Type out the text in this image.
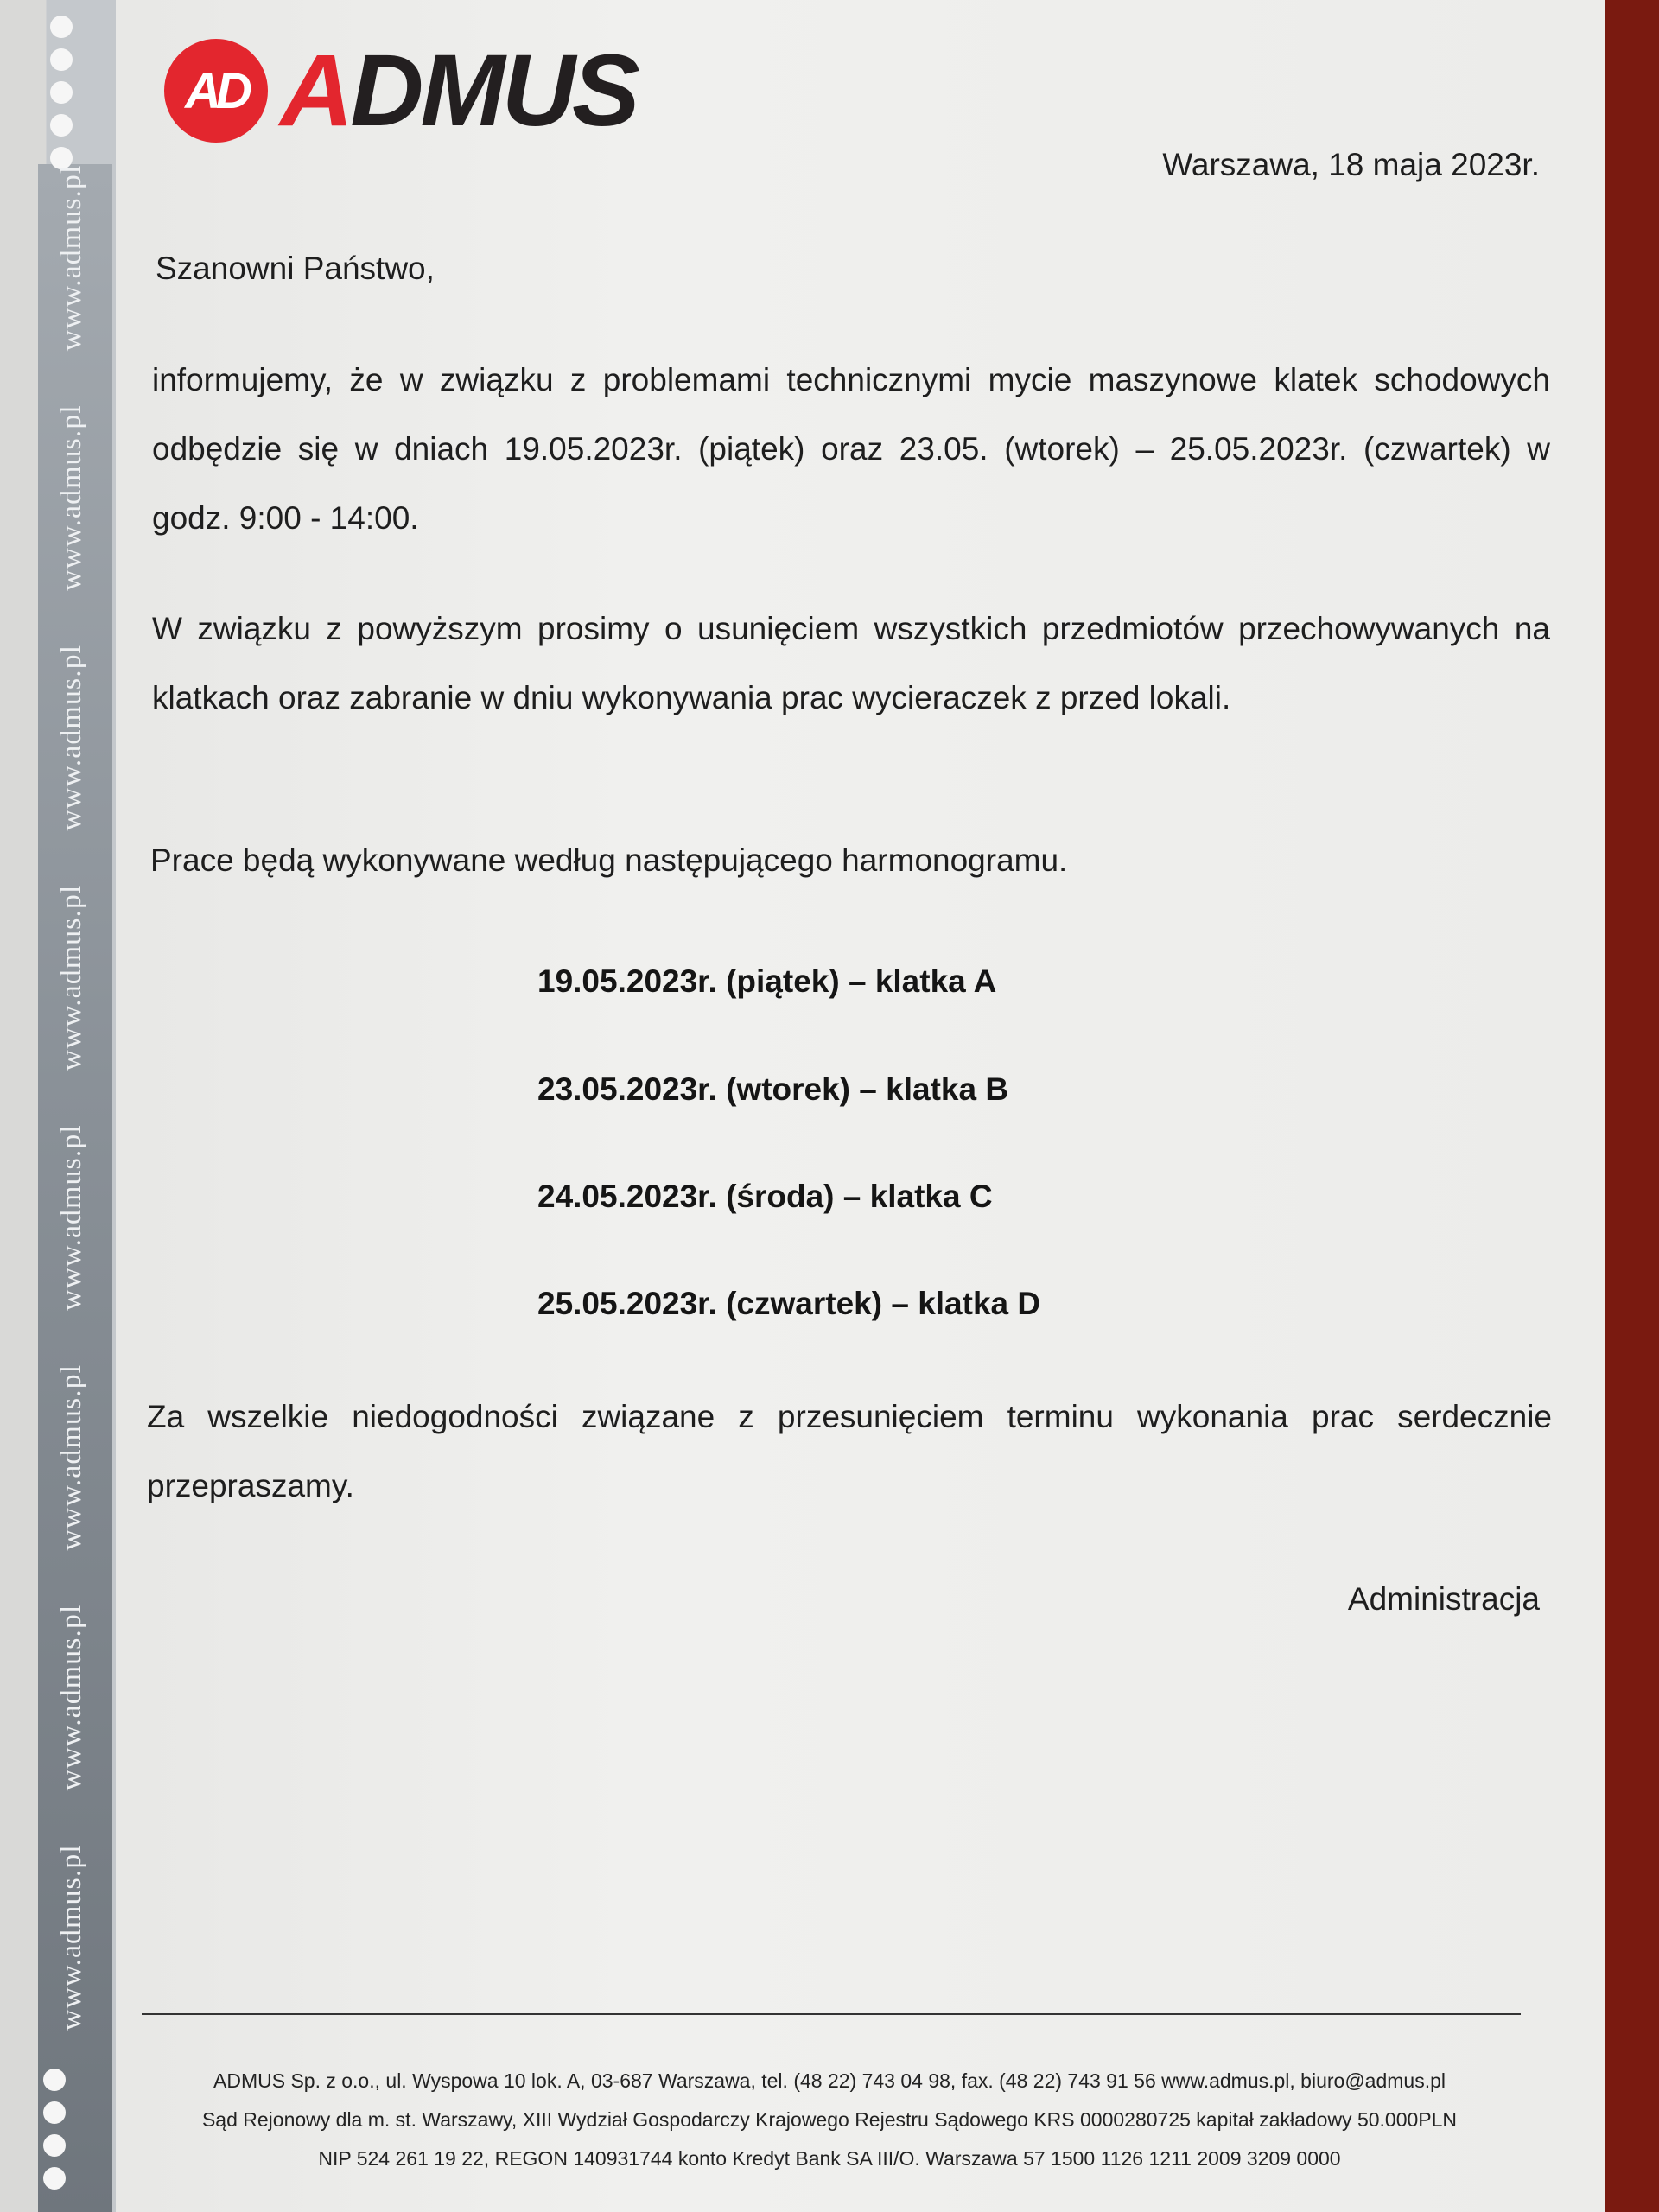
www.admus.plwww.admus.plwww.admus.plwww.admus.plwww.admus.plwww.admus.plwww.admus.plwww.admus.pl
AD ADMUS
Warszawa, 18 maja 2023r.
Szanowni Państwo,
informujemy, że w związku z problemami technicznymi mycie maszynowe klatek schodowych odbędzie się w dniach 19.05.2023r. (piątek) oraz 23.05. (wtorek) – 25.05.2023r. (czwartek) w godz. 9:00 - 14:00.
W związku z powyższym prosimy o usunięciem wszystkich przedmiotów przechowywanych na klatkach oraz zabranie w dniu wykonywania prac wycieraczek z przed lokali.
Prace będą wykonywane według następującego harmonogramu.
19.05.2023r. (piątek) – klatka A
23.05.2023r. (wtorek) – klatka B
24.05.2023r. (środa) – klatka C
25.05.2023r. (czwartek) – klatka D
Za wszelkie niedogodności związane z przesunięciem terminu wykonania prac serdecznie przepraszamy.
Administracja
ADMUS Sp. z o.o., ul. Wyspowa 10 lok. A, 03-687 Warszawa, tel. (48 22) 743 04 98, fax. (48 22) 743 91 56 www.admus.pl, biuro@admus.pl
Sąd Rejonowy dla m. st. Warszawy, XIII Wydział Gospodarczy Krajowego Rejestru Sądowego KRS 0000280725 kapitał zakładowy 50.000PLN
NIP 524 261 19 22, REGON 140931744 konto Kredyt Bank SA III/O. Warszawa 57 1500 1126 1211 2009 3209 0000
